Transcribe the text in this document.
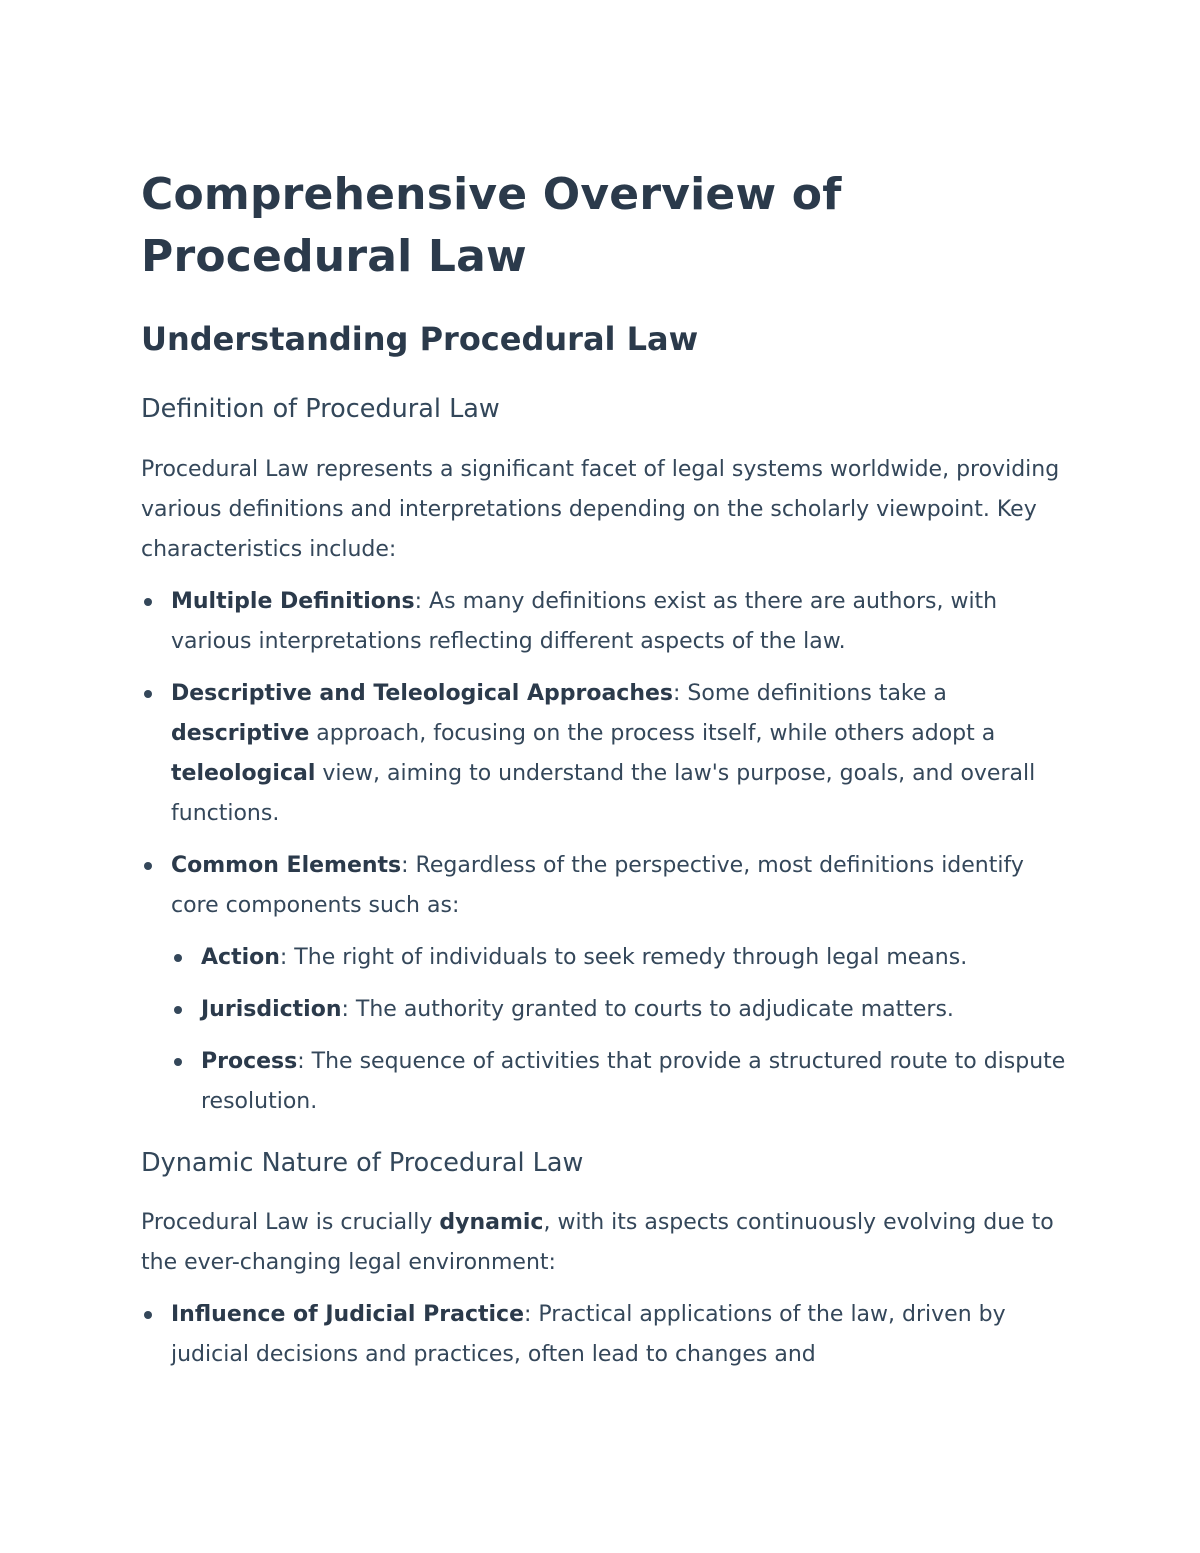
Comprehensive Overview of Procedural Law
Understanding Procedural Law
Definition of Procedural Law

Procedural Law represents a significant facet of legal systems worldwide, providing various definitions and interpretations depending on the scholarly viewpoint. Key characteristics include:

Multiple Definitions: As many definitions exist as there are authors, with various interpretations reflecting different aspects of the law.
Descriptive and Teleological Approaches: Some definitions take a descriptive approach, focusing on the process itself, while others adopt a teleological view, aiming to understand the law's purpose, goals, and overall functions.
Common Elements: Regardless of the perspective, most definitions identify core components such as:
Action: The right of individuals to seek remedy through legal means.
Jurisdiction: The authority granted to courts to adjudicate matters.
Process: The sequence of activities that provide a structured route to dispute resolution.
Dynamic Nature of Procedural Law

Procedural Law is crucially dynamic, with its aspects continuously evolving due to the ever-changing legal environment:

Influence of Judicial Practice: Practical applications of the law, driven by judicial decisions and practices, often lead to changes and
